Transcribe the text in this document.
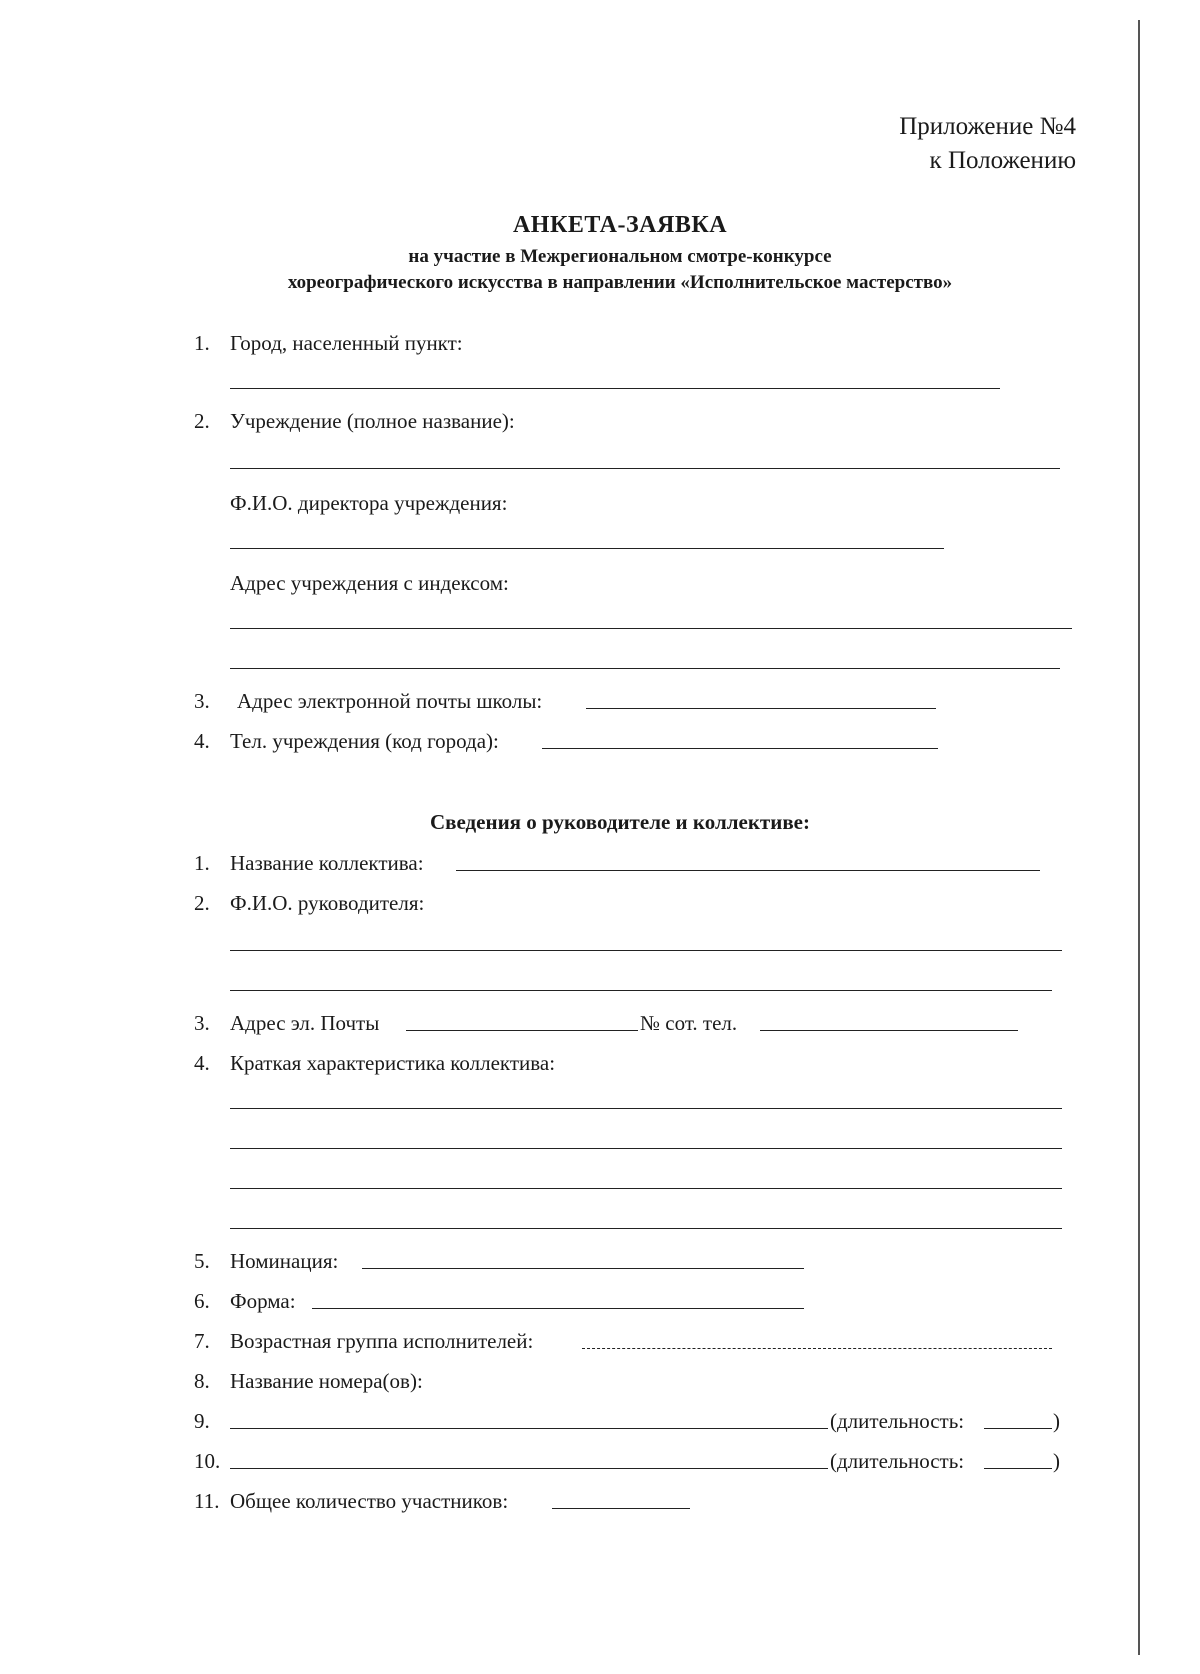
Приложение №4
к Положению
АНКЕТА-ЗАЯВКА
на участие в Межрегиональном смотре-конкурсе
хореографического искусства в направлении «Исполнительское мастерство»
1. Город, населенный пункт:
2. Учреждение (полное название):
Ф.И.О. директора учреждения:
Адрес учреждения с индексом:
3. Адрес электронной почты школы:
4. Тел. учреждения (код города):
Сведения о руководителе и коллективе:
1. Название коллектива:
2. Ф.И.О. руководителя:
3. Адрес эл. Почты	№ сот. тел.
4. Краткая характеристика коллектива:
5. Номинация:
6. Форма:
7. Возрастная группа исполнителей:
8. Название номера(ов):
9.	(длительность:	)
10.	(длительность:	)
11. Общее количество участников:
